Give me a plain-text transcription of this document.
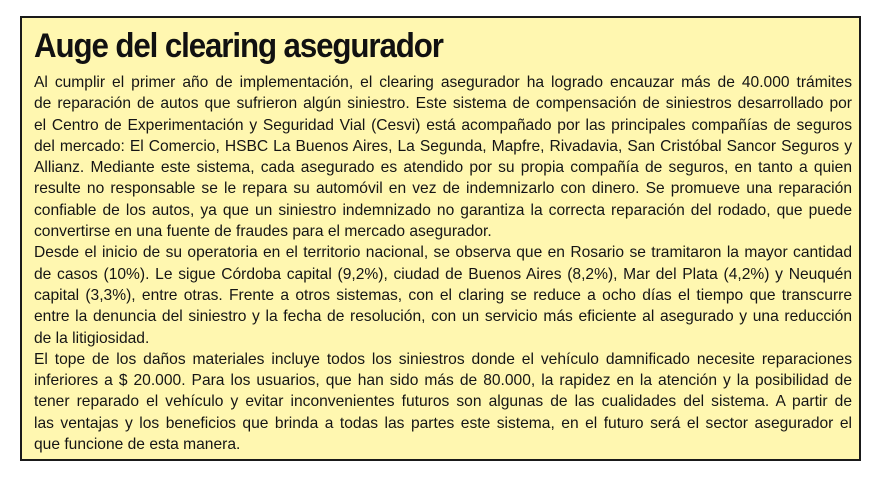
Auge del clearing asegurador
Al cumplir el primer año de implementación, el clearing asegurador ha logrado encauzar más de 40.000 trámites
de reparación de autos que sufrieron algún siniestro. Este sistema de compensación de siniestros desarrollado por
el Centro de Experimentación y Seguridad Vial (Cesvi) está acompañado por las principales compañías de seguros
del mercado: El Comercio, HSBC La Buenos Aires, La Segunda, Mapfre, Rivadavia, San Cristóbal Sancor Seguros y
Allianz. Mediante este sistema, cada asegurado es atendido por su propia compañía de seguros, en tanto a quien
resulte no responsable se le repara su automóvil en vez de indemnizarlo con dinero. Se promueve una reparación
confiable de los autos, ya que un siniestro indemnizado no garantiza la correcta reparación del rodado, que puede
convertirse en una fuente de fraudes para el mercado asegurador.
Desde el inicio de su operatoria en el territorio nacional, se observa que en Rosario se tramitaron la mayor cantidad
de casos (10%). Le sigue Córdoba capital (9,2%), ciudad de Buenos Aires (8,2%), Mar del Plata (4,2%) y Neuquén
capital (3,3%), entre otras. Frente a otros sistemas, con el claring se reduce a ocho días el tiempo que transcurre
entre la denuncia del siniestro y la fecha de resolución, con un servicio más eficiente al asegurado y una reducción
de la litigiosidad.
El tope de los daños materiales incluye todos los siniestros donde el vehículo damnificado necesite reparaciones
inferiores a $ 20.000. Para los usuarios, que han sido más de 80.000, la rapidez en la atención y la posibilidad de
tener reparado el vehículo y evitar inconvenientes futuros son algunas de las cualidades del sistema. A partir de
las ventajas y los beneficios que brinda a todas las partes este sistema, en el futuro será el sector asegurador el
que funcione de esta manera.
